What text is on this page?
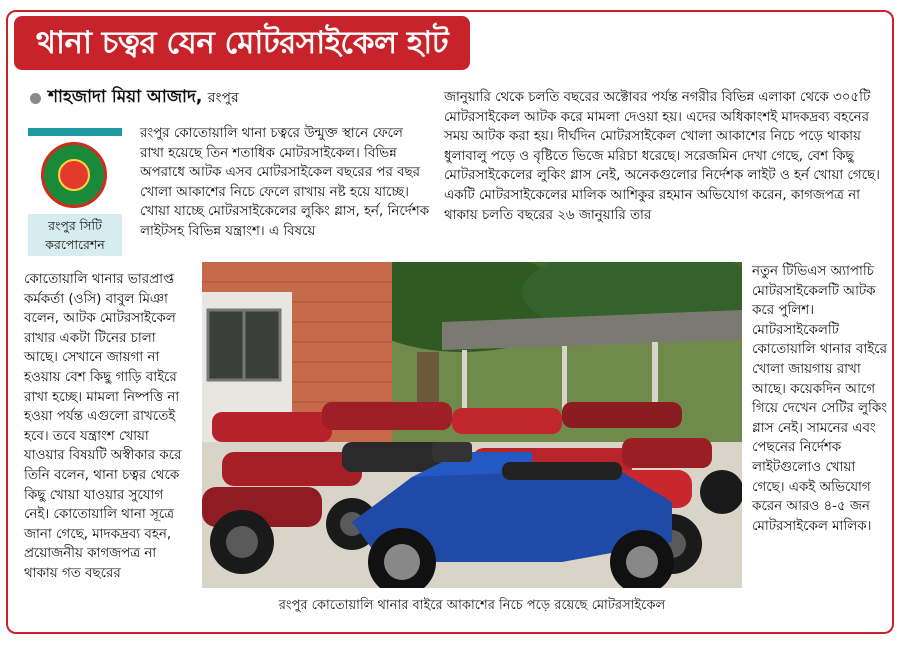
থানা চত্বর যেন মোটরসাইকেল হাট
শাহজাদা মিয়া আজাদ, রংপুর
রংপুর সিটি
করপোরেশন
রংপুর কোতোয়ালি থানা চত্বরে উন্মুক্ত স্থানে ফেলে রাখা হয়েছে তিন শতাধিক মোটরসাইকেল। বিভিন্ন অপরাধে আটক এসব মোটরসাইকেল বছরের পর বছর খোলা আকাশের নিচে ফেলে রাখায় নষ্ট হয়ে যাচ্ছে। খোয়া যাচ্ছে মোটরসাইকেলের লুকিং গ্লাস, হর্ন, নির্দেশক লাইটসহ বিভিন্ন যন্ত্রাংশ। এ বিষয়ে
কোতোয়ালি থানার ভারপ্রাপ্ত কর্মকর্তা (ওসি) বাবুল মিঞা বলেন, আটক মোটরসাইকেল রাখার একটা টিনের চালা আছে। সেখানে জায়গা না হওয়ায় বেশ কিছু গাড়ি বাইরে রাখা হচ্ছে। মামলা নিষ্পত্তি না হওয়া পর্যন্ত এগুলো রাখতেই হবে। তবে যন্ত্রাংশ খোয়া যাওয়ার বিষয়টি অস্বীকার করে তিনি বলেন, থানা চত্বর থেকে কিছু খোয়া যাওয়ার সুযোগ নেই। কোতোয়ালি থানা সূত্রে জানা গেছে, মাদকদ্রব্য বহন, প্রয়োজনীয় কাগজপত্র না থাকায় গত বছরের
জানুয়ারি থেকে চলতি বছরের অক্টোবর পর্যন্ত নগরীর বিভিন্ন এলাকা থেকে ৩০৫টি মোটরসাইকেল আটক করে মামলা দেওয়া হয়। এদের অধিকাংশই মাদকদ্রব্য বহনের সময় আটক করা হয়। দীর্ঘদিন মোটরসাইকেল খোলা আকাশের নিচে পড়ে থাকায় ধুলাবালু পড়ে ও বৃষ্টিতে ভিজে মরিচা ধরেছে। সরেজমিন দেখা গেছে, বেশ কিছু মোটরসাইকেলের লুকিং গ্লাস নেই, অনেকগুলোর নির্দেশক লাইট ও হর্ন খোয়া গেছে। একটি মোটরসাইকেলের মালিক আশিকুর রহমান অভিযোগ করেন, কাগজপত্র না থাকায় চলতি বছরের ২৬ জানুয়ারি তার
নতুন টিভিএস অ্যাপাচি মোটরসাইকেলটি আটক করে পুলিশ। মোটরসাইকেলটি কোতোয়ালি থানার বাইরে খোলা জায়গায় রাখা আছে। কয়েকদিন আগে গিয়ে দেখেন সেটির লুকিং গ্লাস নেই। সামনের এবং পেছনের নির্দেশক লাইটগুলোও খোয়া গেছে। একই অভিযোগ করেন আরও ৪-৫ জন মোটরসাইকেল মালিক।
রংপুর কোতোয়ালি থানার বাইরে আকাশের নিচে পড়ে রয়েছে মোটরসাইকেল
